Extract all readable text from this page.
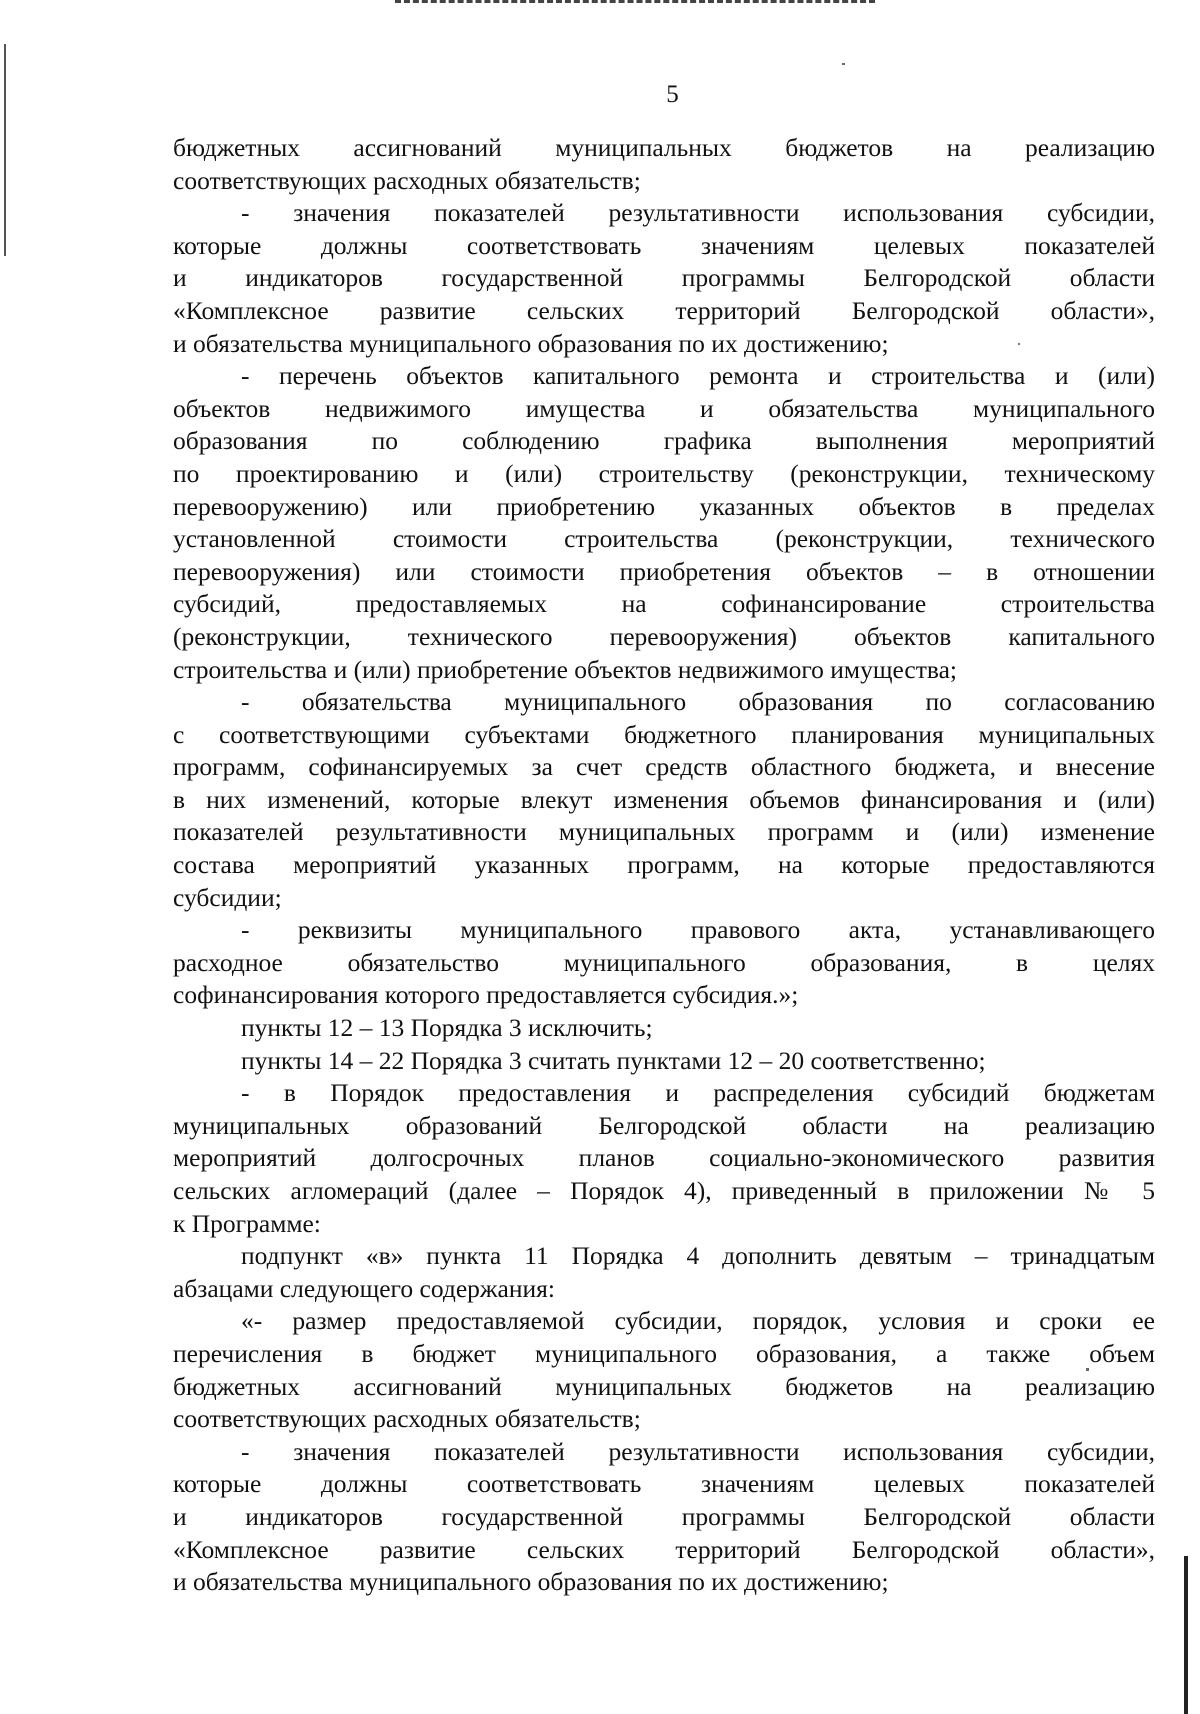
5
бюджетных ассигнований муниципальных бюджетов на реализацию
соответствующих расходных обязательств;
- значения показателей результативности использования субсидии,
которые должны соответствовать значениям целевых показателей
и индикаторов государственной программы Белгородской области
«Комплексное развитие сельских территорий Белгородской области»,
и обязательства муниципального образования по их достижению;
- перечень объектов капитального ремонта и строительства и (или)
объектов недвижимого имущества и обязательства муниципального
образования по соблюдению графика выполнения мероприятий
по проектированию и (или) строительству (реконструкции, техническому
перевооружению) или приобретению указанных объектов в пределах
установленной стоимости строительства (реконструкции, технического
перевооружения) или стоимости приобретения объектов – в отношении
субсидий, предоставляемых на софинансирование строительства
(реконструкции, технического перевооружения) объектов капитального
строительства и (или) приобретение объектов недвижимого имущества;
- обязательства муниципального образования по согласованию
с соответствующими субъектами бюджетного планирования муниципальных
программ, софинансируемых за счет средств областного бюджета, и внесение
в них изменений, которые влекут изменения объемов финансирования и (или)
показателей результативности муниципальных программ и (или) изменение
состава мероприятий указанных программ, на которые предоставляются
субсидии;
- реквизиты муниципального правового акта, устанавливающего
расходное обязательство муниципального образования, в целях
софинансирования которого предоставляется субсидия.»;
пункты 12 – 13 Порядка 3 исключить;
пункты 14 – 22 Порядка 3 считать пунктами 12 – 20 соответственно;
- в Порядок предоставления и распределения субсидий бюджетам
муниципальных образований Белгородской области на реализацию
мероприятий долгосрочных планов социально-экономического развития
сельских агломераций (далее – Порядок 4), приведенный в приложении № 5
к Программе:
подпункт «в» пункта 11 Порядка 4 дополнить девятым – тринадцатым
абзацами следующего содержания:
«- размер предоставляемой субсидии, порядок, условия и сроки ее
перечисления в бюджет муниципального образования, а также объем
бюджетных ассигнований муниципальных бюджетов на реализацию
соответствующих расходных обязательств;
- значения показателей результативности использования субсидии,
которые должны соответствовать значениям целевых показателей
и индикаторов государственной программы Белгородской области
«Комплексное развитие сельских территорий Белгородской области»,
и обязательства муниципального образования по их достижению;
